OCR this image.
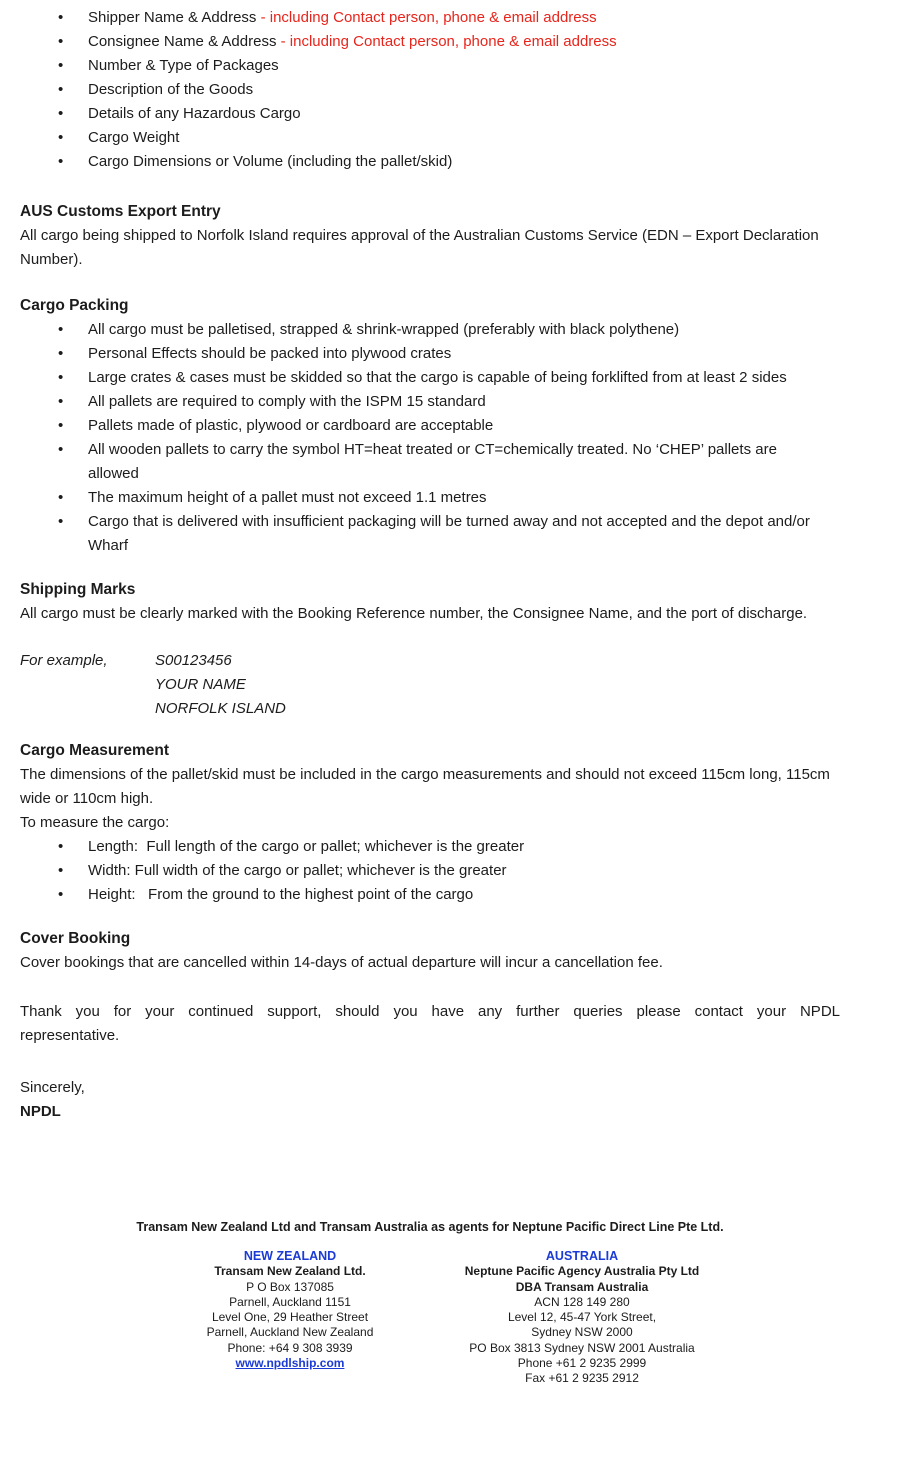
• Shipper Name & Address - including Contact person, phone & email address
• Consignee Name & Address - including Contact person, phone & email address
• Number & Type of Packages
• Description of the Goods
• Details of any Hazardous Cargo
• Cargo Weight
• Cargo Dimensions or Volume (including the pallet/skid)
AUS Customs Export Entry

All cargo being shipped to Norfolk Island requires approval of the Australian Customs Service (EDN – Export Declaration Number).

Cargo Packing
• All cargo must be palletised, strapped & shrink-wrapped (preferably with black polythene)
• Personal Effects should be packed into plywood crates
• Large crates & cases must be skidded so that the cargo is capable of being forklifted from at least 2 sides
• All pallets are required to comply with the ISPM 15 standard
• Pallets made of plastic, plywood or cardboard are acceptable
• All wooden pallets to carry the symbol HT=heat treated or CT=chemically treated. No ‘CHEP’ pallets are allowed
• The maximum height of a pallet must not exceed 1.1 metres
• Cargo that is delivered with insufficient packaging will be turned away and not accepted and the depot and/or Wharf
Shipping Marks

All cargo must be clearly marked with the Booking Reference number, the Consignee Name, and the port of discharge.

For example,	S00123456
YOUR NAME
NORFOLK ISLAND
Cargo Measurement

The dimensions of the pallet/skid must be included in the cargo measurements and should not exceed 115cm long, 115cm wide or 110cm high.

To measure the cargo:

• Length:  Full length of the cargo or pallet; whichever is the greater
• Width: Full width of the cargo or pallet; whichever is the greater
• Height:   From the ground to the highest point of the cargo
Cover Booking

Cover bookings that are cancelled within 14-days of actual departure will incur a cancellation fee.

Thank you for your continued support, should you have any further queries please contact your NPDL representative.

Sincerely,

NPDL

Transam New Zealand Ltd and Transam Australia as agents for Neptune Pacific Direct Line Pte Ltd.
NEW ZEALAND
Transam New Zealand Ltd.
P O Box 137085
Parnell, Auckland 1151
Level One, 29 Heather Street
Parnell, Auckland New Zealand
Phone: +64 9 308 3939
www.npdlship.com
AUSTRALIA
Neptune Pacific Agency Australia Pty Ltd
DBA Transam Australia
ACN 128 149 280
Level 12, 45-47 York Street,
Sydney NSW 2000
PO Box 3813 Sydney NSW 2001 Australia
Phone +61 2 9235 2999
Fax +61 2 9235 2912
